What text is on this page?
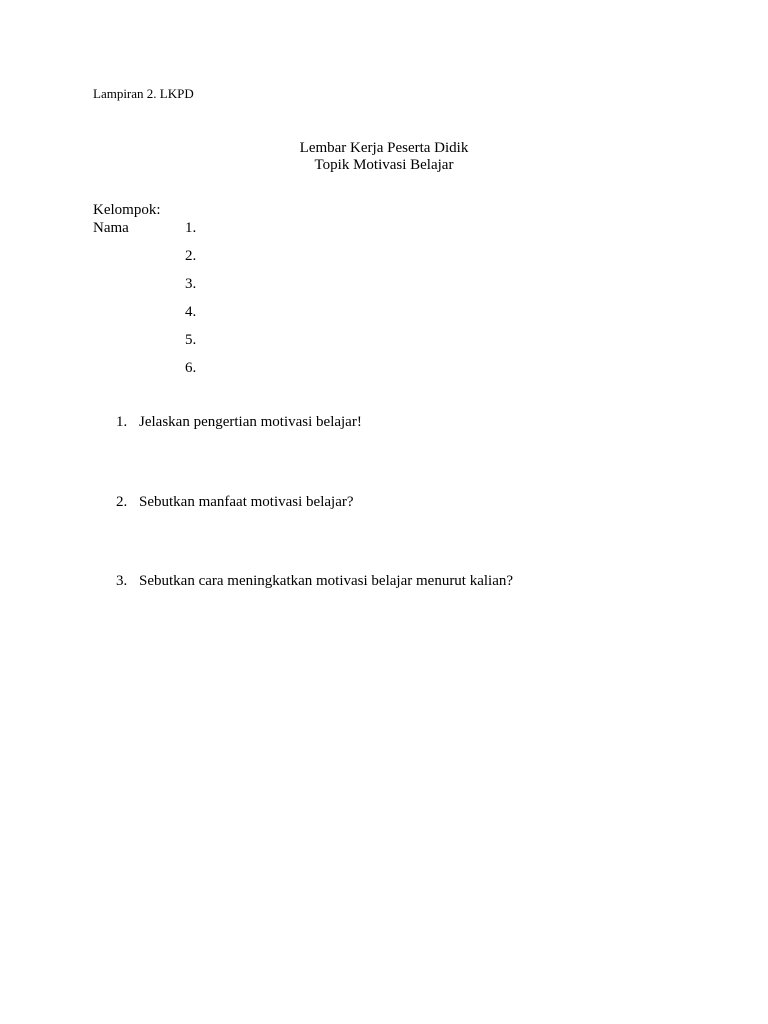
Lampiran 2. LKPD
Lembar Kerja Peserta Didik
Topik Motivasi Belajar
Kelompok:
Nama	1.
2.
3.
4.
5.
6.
1. Jelaskan pengertian motivasi belajar!
2. Sebutkan manfaat motivasi belajar?
3. Sebutkan cara meningkatkan motivasi belajar menurut kalian?
